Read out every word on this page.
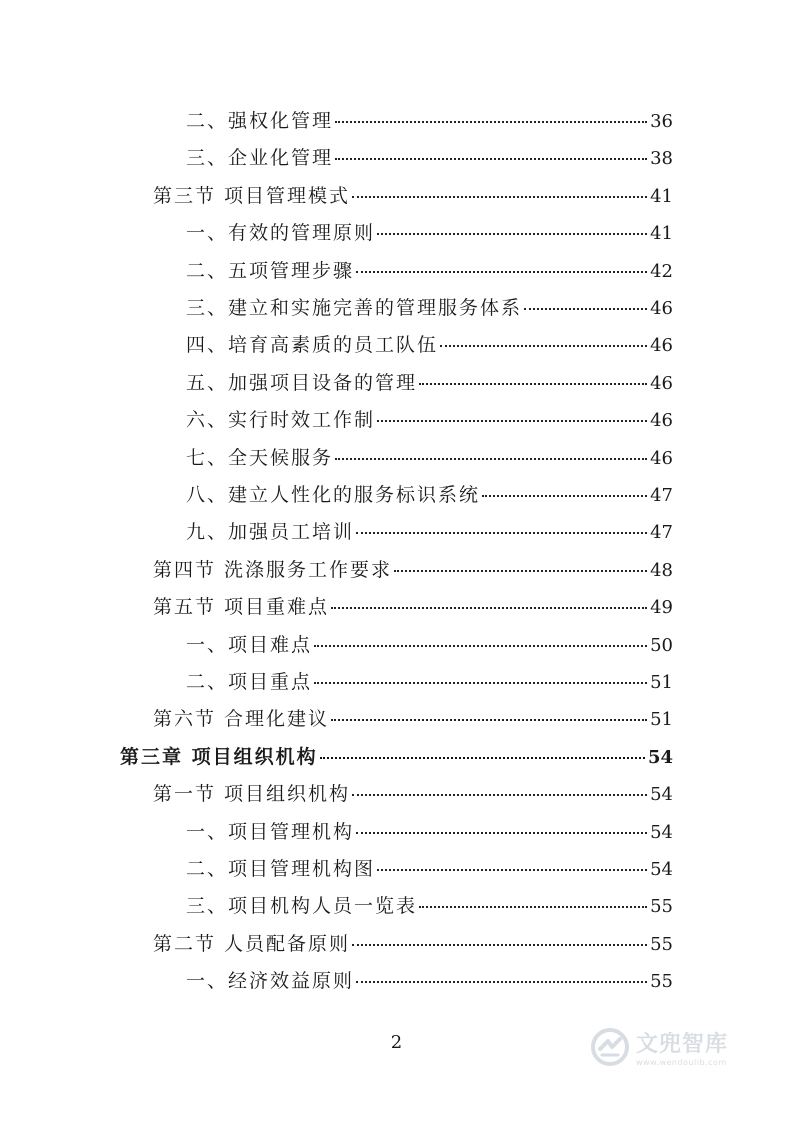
二、强权化管理	36
三、企业化管理	38
第三节 项目管理模式	41
一、有效的管理原则	41
二、五项管理步骤	42
三、建立和实施完善的管理服务体系	46
四、培育高素质的员工队伍	46
五、加强项目设备的管理	46
六、实行时效工作制	46
七、全天候服务	46
八、建立人性化的服务标识系统	47
九、加强员工培训	47
第四节 洗涤服务工作要求	48
第五节 项目重难点	49
一、项目难点	50
二、项目重点	51
第六节 合理化建议	51
第三章 项目组织机构	54
第一节 项目组织机构	54
一、项目管理机构	54
二、项目管理机构图	54
三、项目机构人员一览表	55
第二节 人员配备原则	55
一、经济效益原则	55
2	文兜智库
www.wendoulib.com
